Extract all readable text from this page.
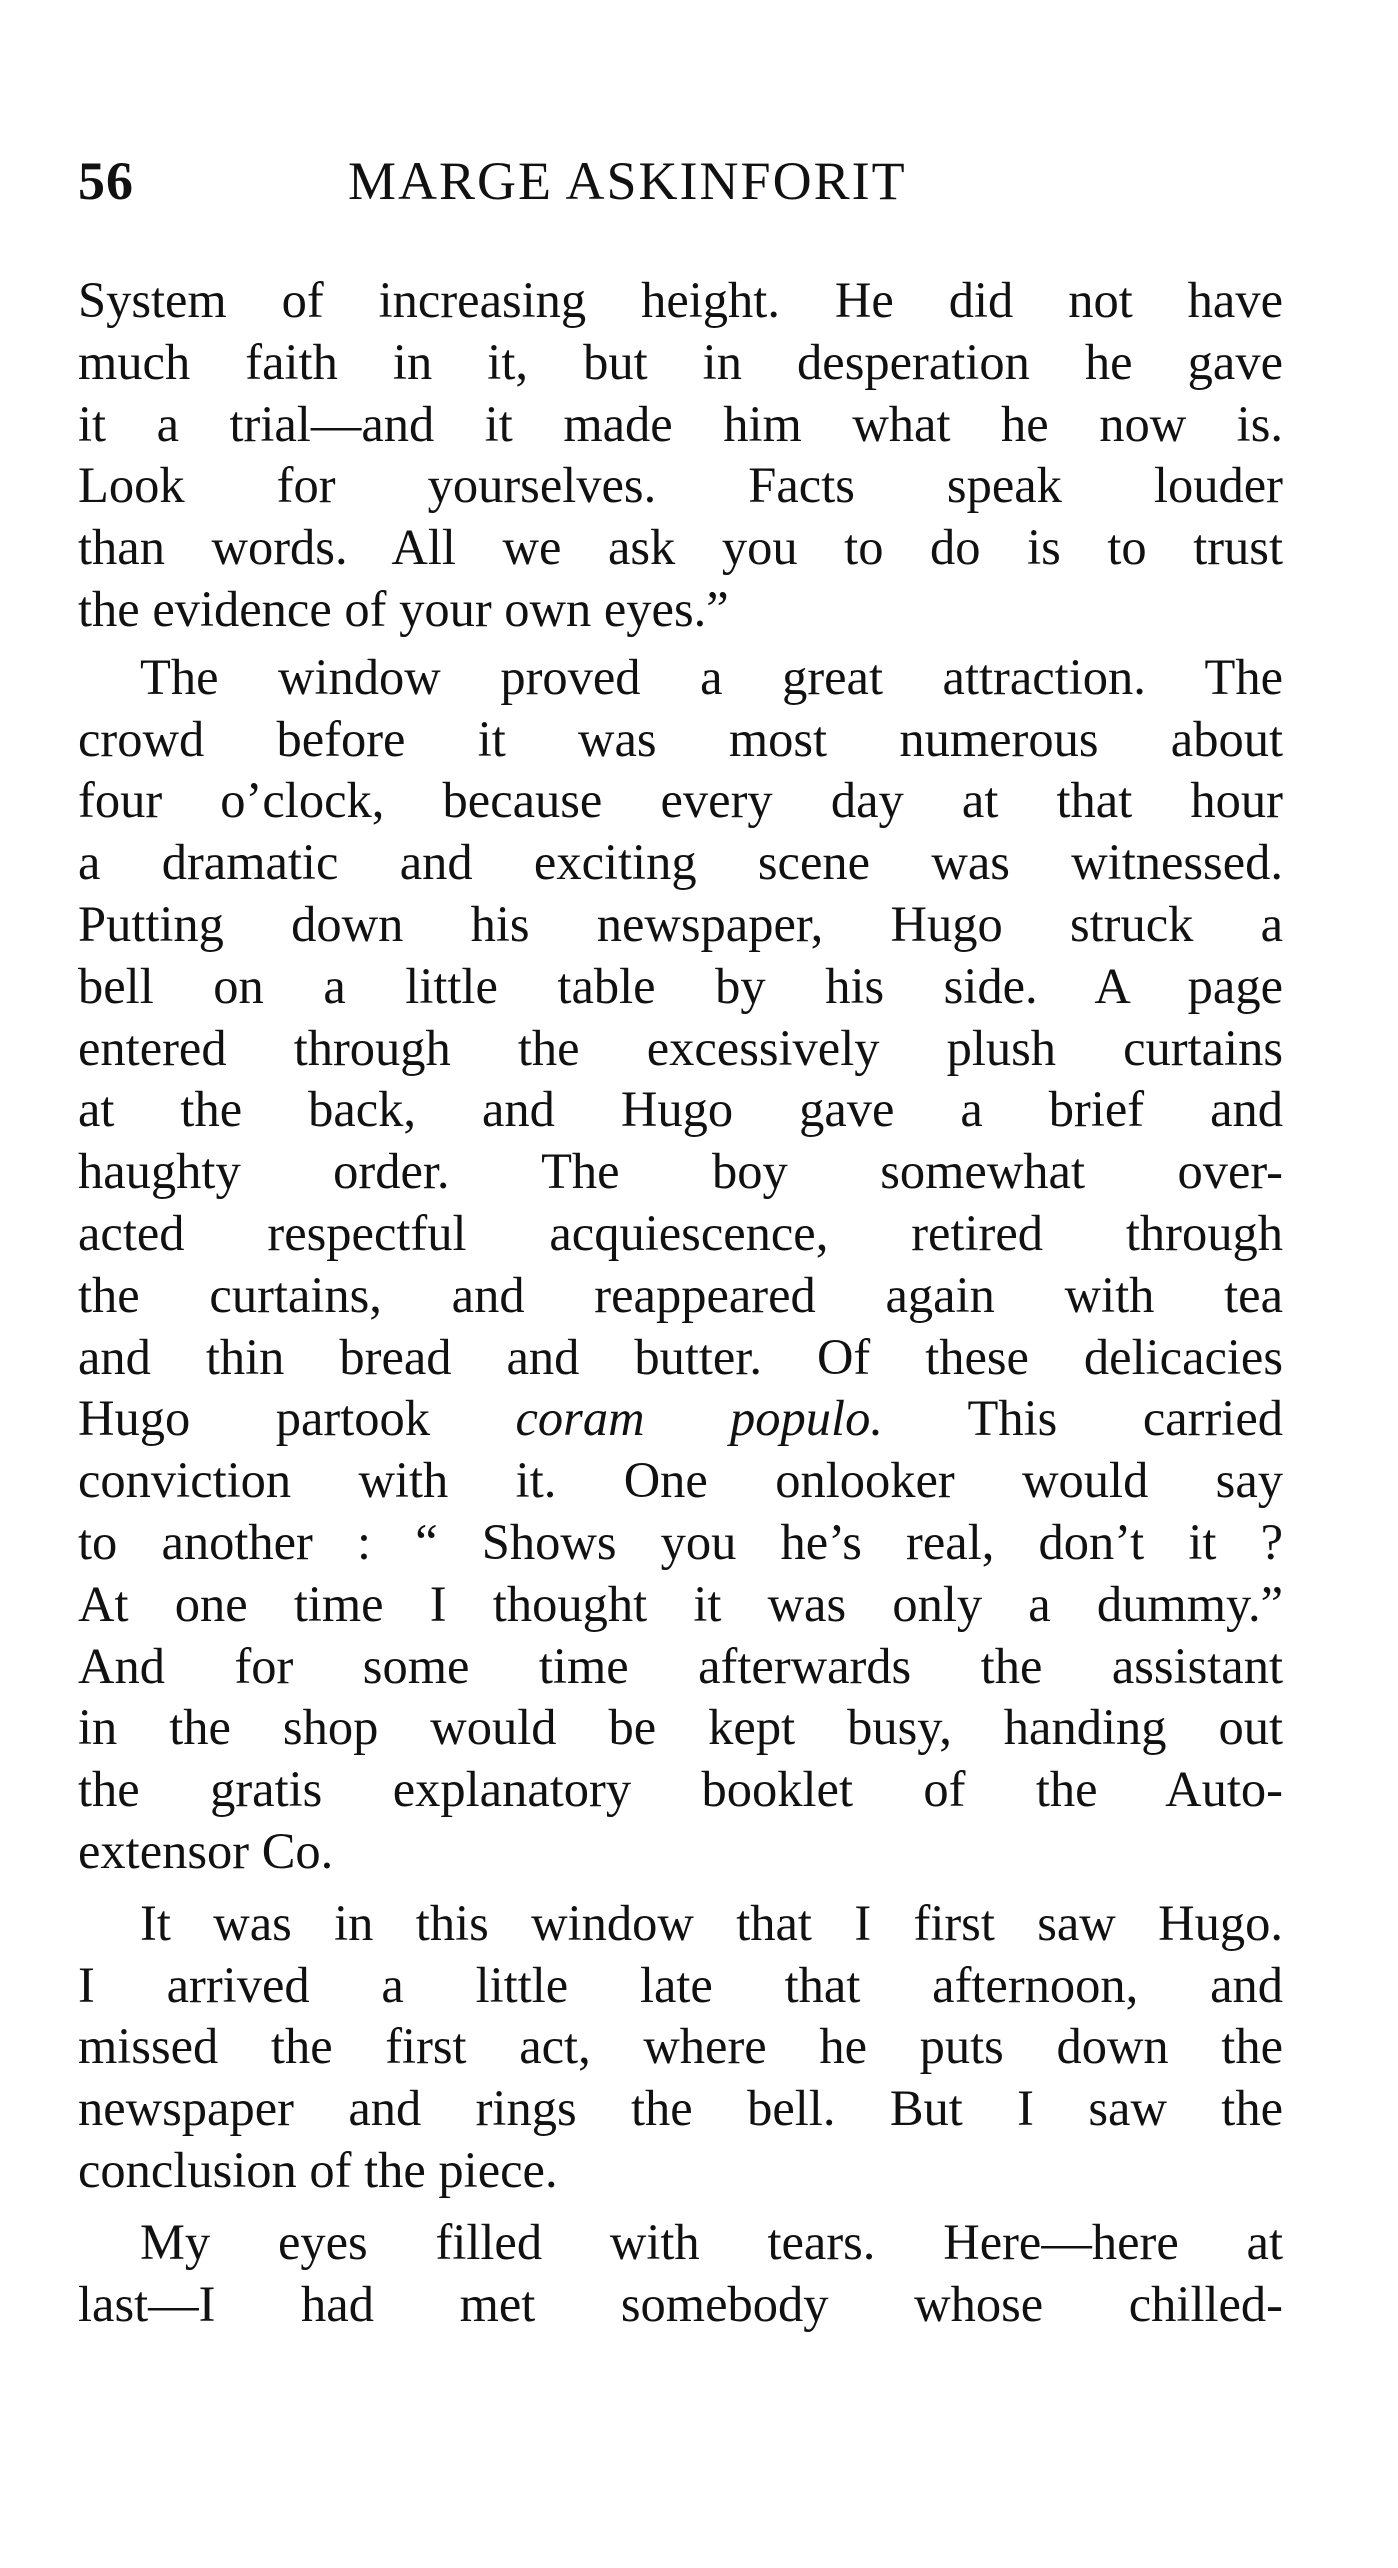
56	MARGE ASKINFORIT
System of increasing height. He did not have
much faith in it, but in desperation he gave
it a trial—and it made him what he now is.
Look for yourselves. Facts speak louder
than words. All we ask you to do is to trust
the evidence of your own eyes.”
The window proved a great attraction. The
crowd before it was most numerous about
four o’clock, because every day at that hour
a dramatic and exciting scene was witnessed.
Putting down his newspaper, Hugo struck a
bell on a little table by his side. A page
entered through the excessively plush curtains
at the back, and Hugo gave a brief and
haughty order. The boy somewhat over-
acted respectful acquiescence, retired through
the curtains, and reappeared again with tea
and thin bread and butter. Of these delicacies
Hugo partook coram populo. This carried
conviction with it. One onlooker would say
to another : “ Shows you he’s real, don’t it ?
At one time I thought it was only a dummy.”
And for some time afterwards the assistant
in the shop would be kept busy, handing out
the gratis explanatory booklet of the Auto-
extensor Co.
It was in this window that I first saw Hugo.
I arrived a little late that afternoon, and
missed the first act, where he puts down the
newspaper and rings the bell. But I saw the
conclusion of the piece.
My eyes filled with tears. Here—here at
last—I had met somebody whose chilled-
